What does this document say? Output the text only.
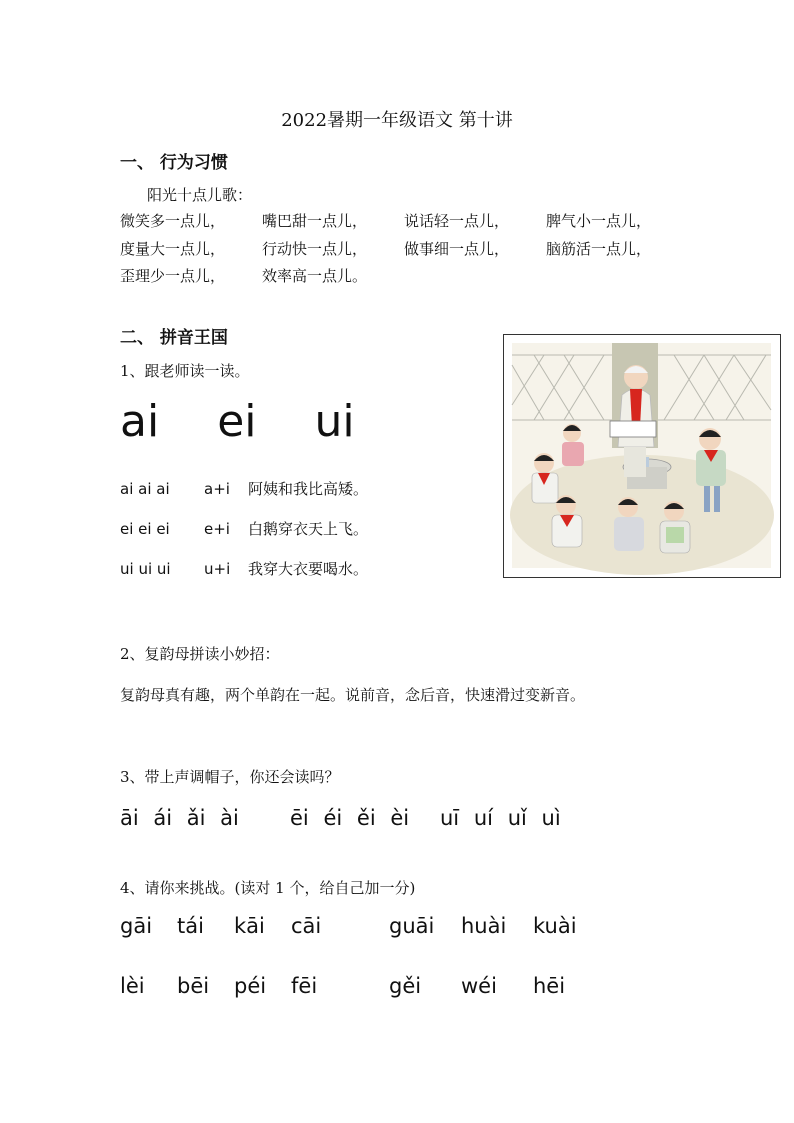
2022暑期一年级语文 第十讲
一、 行为习惯
阳光十点儿歌：
微笑多一点儿，	嘴巴甜一点儿，	说话轻一点儿，	脾气小一点儿，
度量大一点儿，	行动快一点儿，	做事细一点儿，	脑筋活一点儿，
歪理少一点儿，	效率高一点儿。
二、 拼音王国
1、跟老师读一读。
ai ei ui
ai ai ai	a+i	阿姨和我比高矮。
ei ei ei	e+i	白鹅穿衣天上飞。
ui ui ui	u+i	我穿大衣要喝水。
2、复韵母拼读小妙招：
复韵母真有趣，两个单韵在一起。说前音，念后音，快速滑过变新音。
3、带上声调帽子，你还会读吗？
āi ái ǎi ài	ēi éi ěi èi	uī uí uǐ uì
4、请你来挑战。(读对 1 个，给自己加一分)
gāi	tái	kāi	cāi	guāi	huài	kuài
lèi	bēi	péi	fēi	gěi	wéi	hēi
